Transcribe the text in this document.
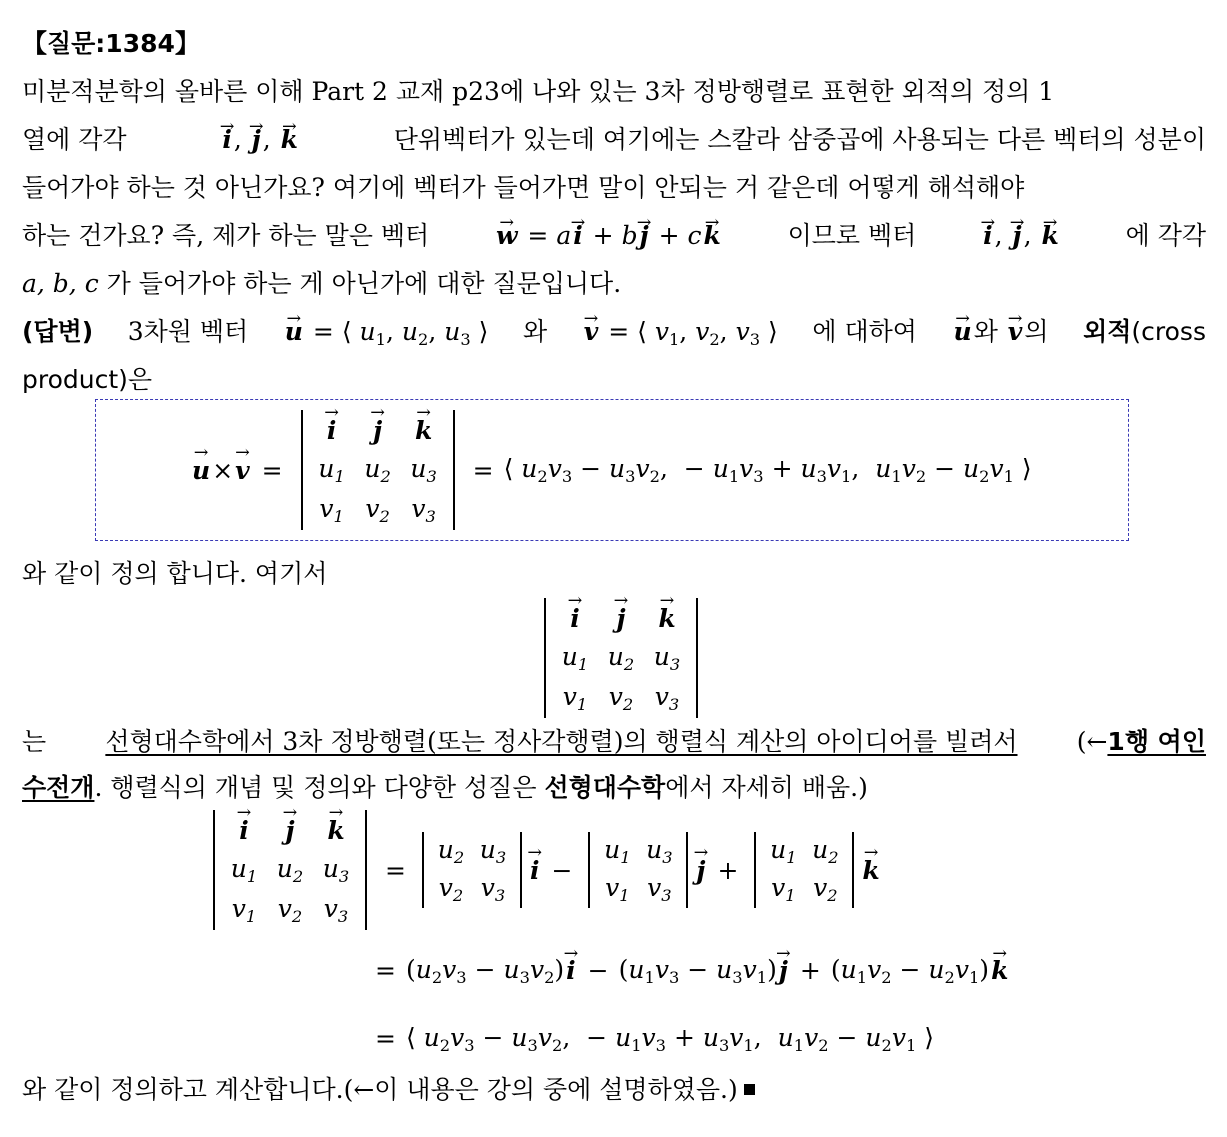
【질문:1384】
미분적분학의 올바른 이해 Part 2 교재 p23에 나와 있는 3차 정방행렬로 표현한 외적의 정의 1
열에 각각
→	i, → j, → k	단위벡터가 있는데 여기에는 스칼라 삼중곱에 사용되는 다른 벡터의 성분이
들어가야 하는 것 아닌가요? 여기에 벡터가 들어가면 말이 안되는 거 같은데 어떻게 해석해야
하는 건가요? 즉, 제가 하는 말은 벡터
→	w = a→ i + b→ j + c→ k	이므로 벡터
→	i, → j, → k	에 각각
a, b, c 가 들어가야 하는 게 아닌가에 대한 질문입니다.
(답변) 3차원 벡터
→ u = ⟨ $u_1$, $u_2$, $u_3$ ⟩ 와
→ v = ⟨ $v_1$, $v_2$, $v_3$ ⟩ 에 대하여
→ u와 → v의 외적(cross
product)은
→ u ×
→ v =
→ i
→ j
→ k
$u_1$ $u_2$ $u_3$
$v_1$ $v_2$ $v_3$
= ⟨ $u_2v_3 - u_3v_2$,  − $u_1v_3 + u_3v_1$,  $u_1v_2 - u_2v_1$ ⟩
와 같이 정의 합니다. 여기서
→ i
→ j
→ k
$u_1$ $u_2$ $u_3$
$v_1$ $v_2$ $v_3$
는 선형대수학에서 3차 정방행렬(또는 정사각행렬)의 행렬식 계산의 아이디어를 빌려서 (←1행 여인
수전개. 행렬식의 개념 및 정의와 다양한 성질은 선형대수학에서 자세히 배움.)
→ i
→ j
→ k
$u_1$ $u_2$ $u_3$
$v_1$ $v_2$ $v_3$
=
$u_2$ $u_3$
$v_2$ $v_3$
→ i −
$u_1$ $u_3$
$v_1$ $v_3$
→ j +
$u_1$ $u_2$
$v_1$ $v_2$
→ k
= $(u_2v_3 - u_3v_2)$
→ $i - (u_1v_3 - u_3v_1)$
→ $j + (u_1v_2 - u_2v_1)$
→ k
= ⟨ $u_2v_3 - u_3v_2$,  − $u_1v_3 + u_3v_1$,  $u_1v_2 - u_2v_1$ ⟩
와 같이 정의하고 계산합니다.(←이 내용은 강의 중에 설명하였음.)
